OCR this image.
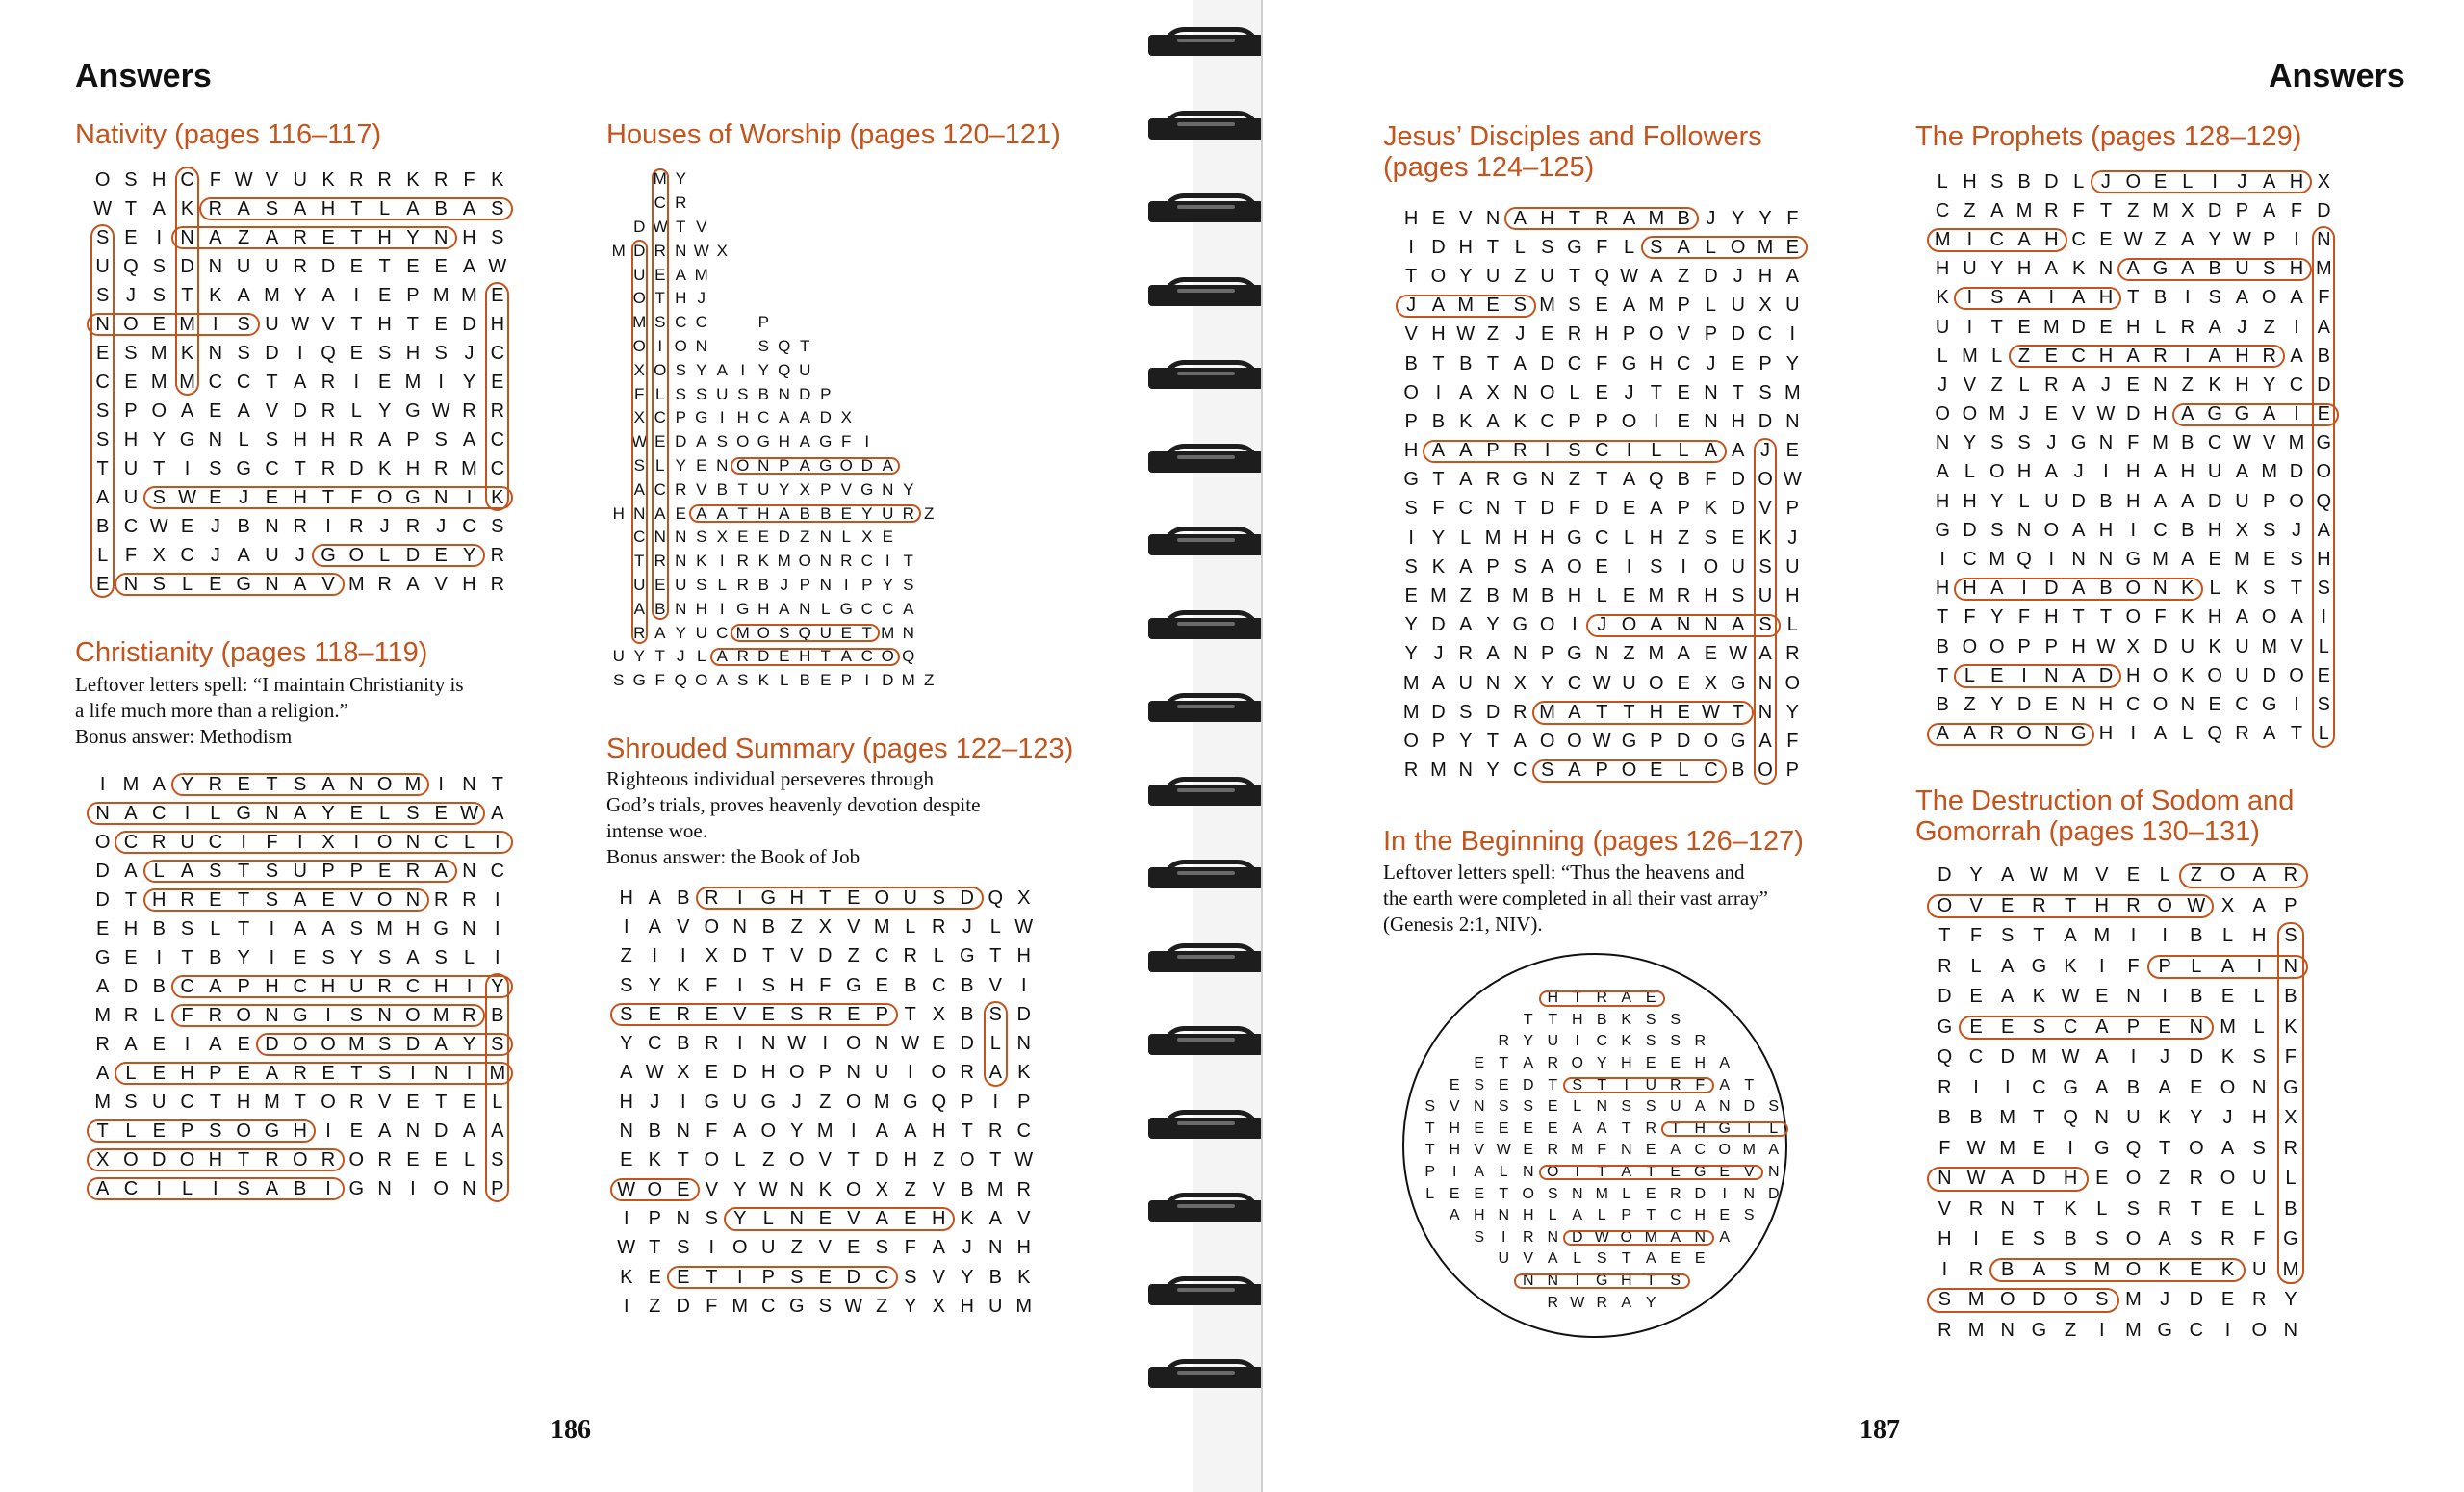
Answers
Nativity (pages 116–117)
O S H C F W V U K R R K R F K
W T A K R A S A H T L A B A S
S E I N A Z A R E T H Y N H S
U Q S D N U U R D E T E E A W
S J S T K A M Y A I E P M M E
N O E M I S U W V T H T E D H
E S M K N S D I Q E S H S J C
C E M M C C T A R I E M I Y E
S P O A E A V D R L Y G W R R
S H Y G N L S H H R A P S A C
T U T	I S G C T R D K H R M C
A U S W E J E H T F O G N I K
B C W E J B N R I R J R J C S
L F X C J A U J G O L D E Y R
E N S L E G N A V M R A V H R
Christianity (pages 118–119)
Leftover letters spell: “I maintain Christianity is
a life much more than a religion.”
Bonus answer: Methodism
I M A Y R E T S A N O M I N T
N A C I	L G N A Y E L S E W A
O C R U C I	F	I X I O N C L	I
D A L A S T S U P P E R A N C
D T H R E T S A E V O N R R I
E H B S L T	I A A S M H G N I
G E I	T B Y I E S Y S A S L	I
A D B C A P H C H U R C H I Y
M R L F R O N G I S N O M R B
R A E I A E D O O M S D A Y S
A L E H P E A R E T S I N I M
M S U C T H M T O R V E T E L
T L E P S O G H I E A N D A A
X O D O H T R O R O R E E L S
A C I	L	I S A B I G N I O N P
Houses of Worship (pages 120–121)
M Y
C R
D W T V
M D R N W X
U E A M
O T H J
M S C C	P
O I O N	S Q T
X O S Y A I Y Q U
F L S S U S B N D P
X C P G I H C A A D X
W E D A S O G H A G F I
S L Y E N O N P A G O D A
A C R V B T U Y X P V G N Y
H N A E A A T H A B B E Y U R Z
C N N S X E E D Z N L X E
T R N K I R K M O N R C I T
U E U S L R B J P N I P Y S
A B N H I G H A N L G C C A
R A Y U C M O S Q U E T M N
U Y T J L A R D E H T A C O Q
S G F Q O A S K L B E P I D M Z
Shrouded Summary (pages 122–123)
Righteous individual perseveres through
God’s trials, proves heavenly devotion despite
intense woe.
Bonus answer: the Book of Job
H A B R I G H T E O U S D Q X
I	A V O N B Z X V M L R J L W
Z	I	I	X D T V D Z C R L G T H
S Y K F	I	S H F G E B C B V	I
S E R E V E S R E P T X B S D
Y C B R I N W I O N W E D L N
A W X E D H O P N U I O R A K
H J	I G U G J Z O M G Q P	I	P
N B N F A O Y M I	A A H T R C
E K T O L Z O V T D H Z O T W
W O E V Y W N K O X Z V B M R
I	P N S Y L N E V A E H K A V
W T S	I O U Z V E S F A J N H
K E E T	I	P S E D C S V Y B K
I	Z D F M C G S W Z Y X H U M
186
Answers
Jesus’ Disciples and Followers
(pages 124–125)
H E V N A H T R A M B J Y Y F
I D H T L S G F L S A L O M E
T O Y U Z U T Q W A Z D J H A
J A M E S M S E A M P L U X U
V H W Z J E R H P O V P D C I
B T B T A D C F G H C J E P Y
O I A X N O L E J T E N T S M
P B K A K C P P O I E N H D N
H A A P R I S C I L L A A J E
G T A R G N Z T A Q B F D O W
S F C N T D F D E A P K D V P
I Y L M H H G C L H Z S E K J
S K A P S A O E I S I O U S U
E M Z B M B H L E M R H S U H
Y D A Y G O I	J O A N N A S L
Y J R A N P G N Z M A E W A R
M A U N X Y C W U O E X G N O
M D S D R M A T T H E W T N Y
O P Y T A O O W G P D O G A F
R M N Y C S A P O E L C B O P
In the Beginning (pages 126–127)
Leftover letters spell: “Thus the heavens and
the earth were completed in all their vast array”
(Genesis 2:1, NIV).
H T R A E
T T H B K S S
R Y U	I	C K S S R
E T A R O Y H E E H A
E S E D T S T	I	U R F A T
S V N S S E L N S S U A N D S
T H E E E E A A T R T H G	I	L
T H V W E R M F N E A C O M A
P	I	A L N O	I	T A T E G E V N
L E E T O S N M L E R D	I	N D
A H N H L A L P T C H E S
S	I	R N D W O M A N A
U V A L S T A E E
N N	I	G H T S
R W R A Y
The Prophets (pages 128–129)
L H S B D L J O E L I	J A H X
C Z A M R F T Z M X D P A F D
M I C A H C E W Z A Y W P I N
H U Y H A K N A G A B U S H M
K I S A I A H T B I S A O A F
U I T E M D E H L R A J Z I A
L M L Z E C H A R I A H R A B
J V Z L R A J E N Z K H Y C D
O O M J E V W D H A G G A I E
N Y S S J G N F M B C W V M G
A L O H A J	I H A H U A M D O
H H Y L U D B H A A D U P O Q
G D S N O A H I C B H X S J A
I C M Q I N N G M A E M E S H
H H A I D A B O N K L K S T S
T F Y F H T T O F K H A O A I
B O O P P H W X D U K U M V L
T L E I N A D H O K O U D O E
B Z Y D E N H C O N E C G I S
A A R O N G H I A L Q R A T L
The Destruction of Sodom and
Gomorrah (pages 130–131)
D Y A W M V E	L	Z O A R
O V E R T H R O W X A P
T	F S T A M	I	I	B	L H S
R L	A G K	I	F P	L	A	I	N
D E A K W E N	I	B E	L	B
G E E S C A P E N M L	K
Q C D M W A	I	J	D K S F
R	I	I	C G A B A E O N G
B B M T Q N U K Y	J	H X
F W M E	I	G Q T O A S R
N W A D H E O Z R O U L
V R N T K	L	S R T E	L	B
H	I	E S B S O A S R F G
I	R B A S M O K E K U M
S M O D O S M J	D E R Y
R M N G Z	I	M G C	I	O N
187
